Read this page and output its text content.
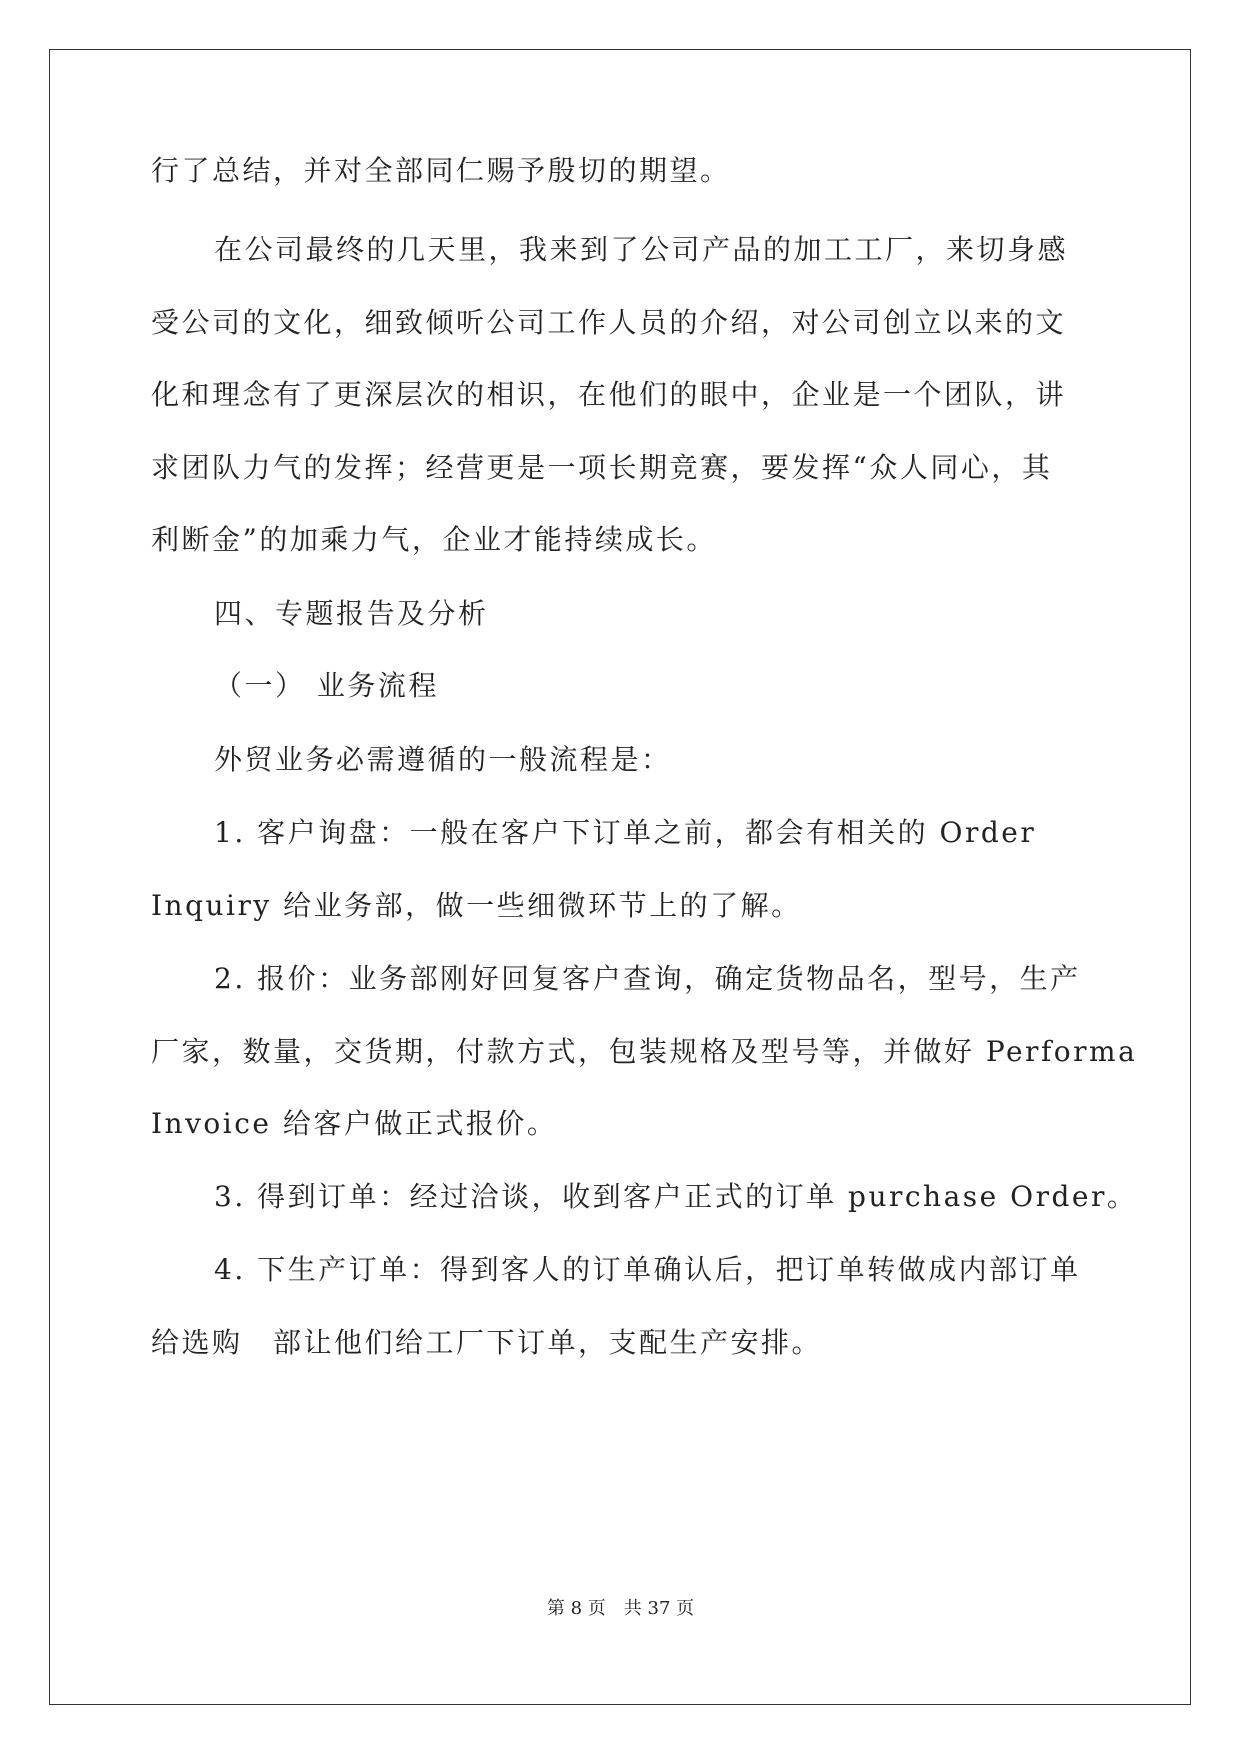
行了总结，并对全部同仁赐予殷切的期望。
在公司最终的几天里，我来到了公司产品的加工工厂，来切身感
受公司的文化，细致倾听公司工作人员的介绍，对公司创立以来的文
化和理念有了更深层次的相识，在他们的眼中，企业是一个团队，讲
求团队力气的发挥；经营更是一项长期竞赛，要发挥“众人同心，其
利断金”的加乘力气，企业才能持续成长。
四、专题报告及分析
（一） 业务流程
外贸业务必需遵循的一般流程是：
1. 客户询盘：一般在客户下订单之前，都会有相关的 Order
Inquiry 给业务部，做一些细微环节上的了解。
2. 报价：业务部刚好回复客户查询，确定货物品名，型号，生产
厂家，数量，交货期，付款方式，包装规格及型号等，并做好 Performa
Invoice 给客户做正式报价。
3. 得到订单：经过洽谈，收到客户正式的订单 purchase Order。
4. 下生产订单：得到客人的订单确认后，把订单转做成内部订单
给选购　部让他们给工厂下订单，支配生产安排。
第 8 页　共 37 页
